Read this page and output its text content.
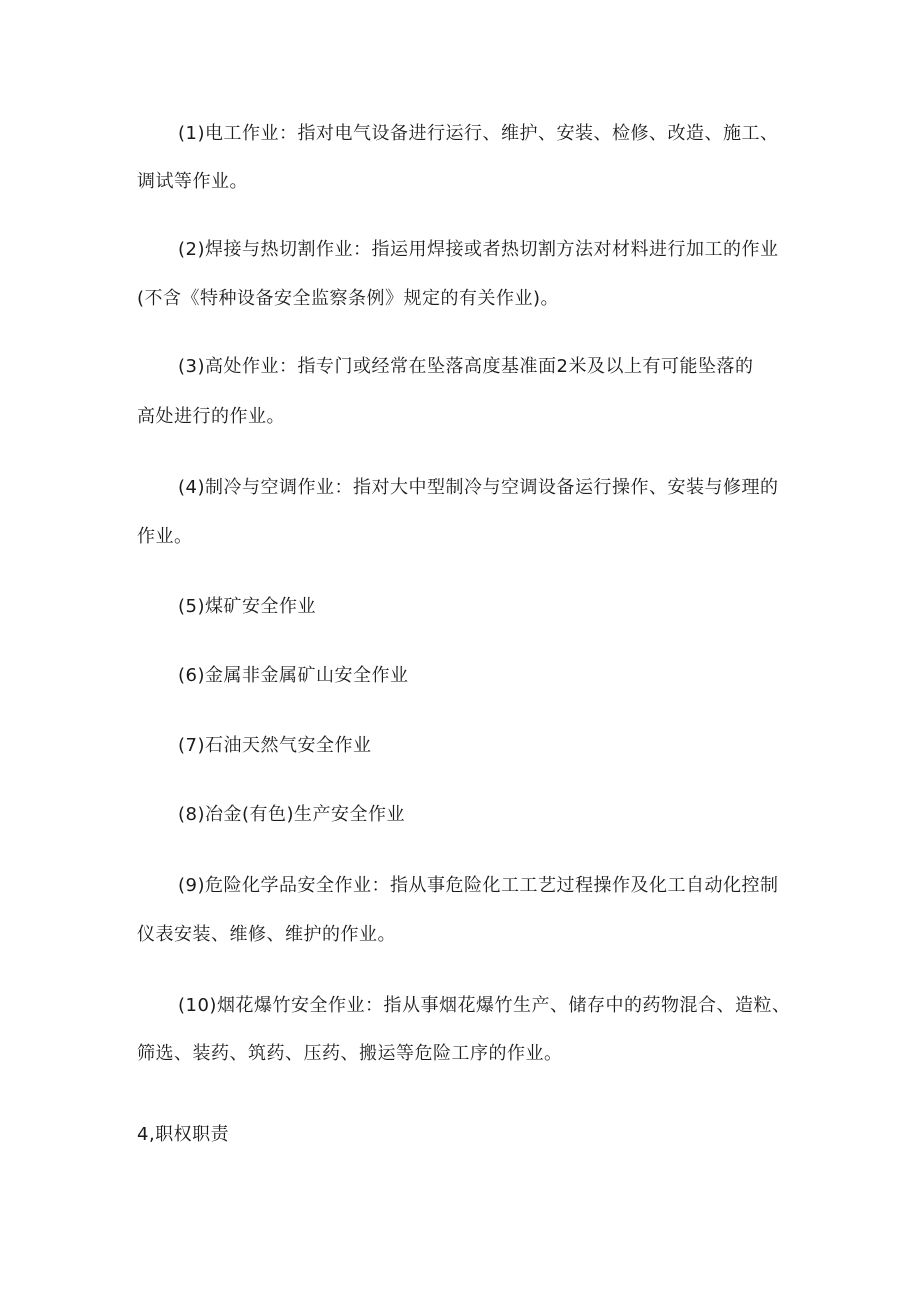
(1)电工作业：指对电气设备进行运行、维护、安装、检修、改造、施工、
调试等作业。
(2)焊接与热切割作业：指运用焊接或者热切割方法对材料进行加工的作业
(不含《特种设备安全监察条例》规定的有关作业)。
(3)高处作业：指专门或经常在坠落高度基准面2米及以上有可能坠落的
高处进行的作业。
(4)制冷与空调作业：指对大中型制冷与空调设备运行操作、安装与修理的
作业。
(5)煤矿安全作业
(6)金属非金属矿山安全作业
(7)石油天然气安全作业
(8)冶金(有色)生产安全作业
(9)危险化学品安全作业：指从事危险化工工艺过程操作及化工自动化控制
仪表安装、维修、维护的作业。
(10)烟花爆竹安全作业：指从事烟花爆竹生产、储存中的药物混合、造粒、
筛选、装药、筑药、压药、搬运等危险工序的作业。
4,职权职责
